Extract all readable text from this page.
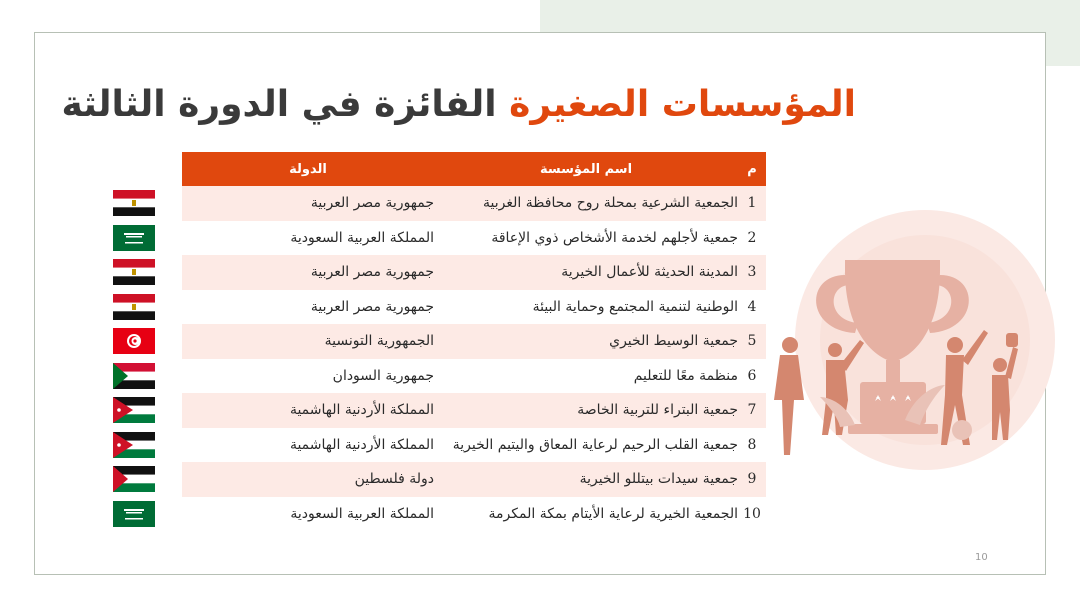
المؤسسات الصغيرة الفائزة في الدورة الثالثة
م	اسم المؤسسة	الدولة	
1	الجمعية الشرعية بمحلة روح محافظة الغربية	جمهورية مصر العربية	
2	جمعية لأجلهم لخدمة الأشخاص ذوي الإعاقة	المملكة العربية السعودية	
3	المدينة الحديثة للأعمال الخيرية	جمهورية مصر العربية	
4	الوطنية لتنمية المجتمع وحماية البيئة	جمهورية مصر العربية	
5	جمعية الوسيط الخيري	الجمهورية التونسية	
6	منظمة معًا للتعليم	جمهورية السودان	
7	جمعية البتراء للتربية الخاصة	المملكة الأردنية الهاشمية	
8	جمعية القلب الرحيم لرعاية المعاق واليتيم الخيرية	المملكة الأردنية الهاشمية	
9	جمعية سيدات بيتللو الخيرية	دولة فلسطين	
10	الجمعية الخيرية لرعاية الأيتام بمكة المكرمة	المملكة العربية السعودية	
10
